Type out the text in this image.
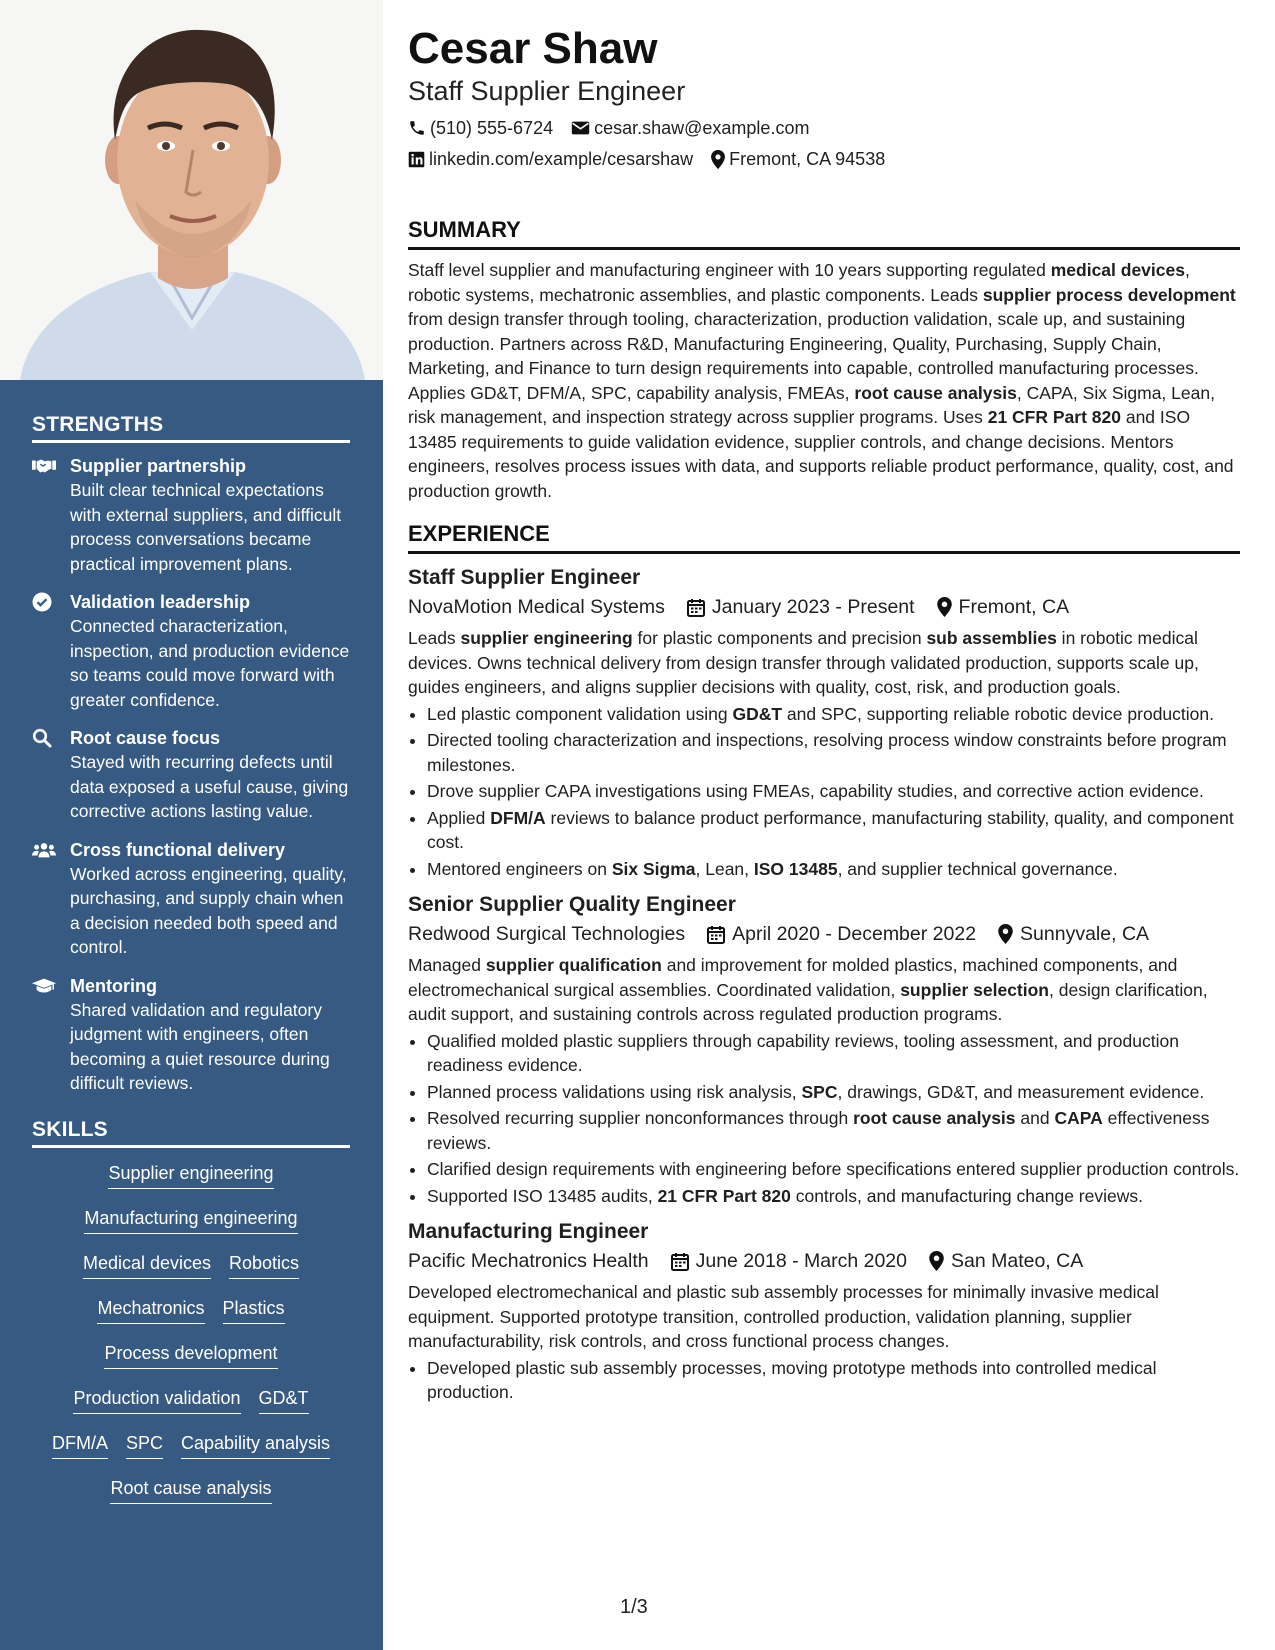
STRENGTHS
Supplier partnership
Built clear technical expectations with external suppliers, and difficult process conversations became practical improvement plans.
Validation leadership
Connected characterization, inspection, and production evidence so teams could move forward with greater confidence.
Root cause focus
Stayed with recurring defects until data exposed a useful cause, giving corrective actions lasting value.
Cross functional delivery
Worked across engineering, quality, purchasing, and supply chain when a decision needed both speed and control.
Mentoring
Shared validation and regulatory judgment with engineers, often becoming a quiet resource during difficult reviews.
SKILLS
Supplier engineering
Manufacturing engineering
Medical devices Robotics
Mechatronics Plastics
Process development
Production validation GD&T
DFM/A SPC Capability analysis
Root cause analysis
Cesar Shaw
Staff Supplier Engineer
(510) 555-6724 cesar.shaw@example.com
linkedin.com/example/cesarshaw Fremont, CA 94538
SUMMARY
Staff level supplier and manufacturing engineer with 10 years supporting regulated medical devices, robotic systems, mechatronic assemblies, and plastic components. Leads supplier process development from design transfer through tooling, characterization, production validation, scale up, and sustaining production. Partners across R&D, Manufacturing Engineering, Quality, Purchasing, Supply Chain, Marketing, and Finance to turn design requirements into capable, controlled manufacturing processes. Applies GD&T, DFM/A, SPC, capability analysis, FMEAs, root cause analysis, CAPA, Six Sigma, Lean, risk management, and inspection strategy across supplier programs. Uses 21 CFR Part 820 and ISO 13485 requirements to guide validation evidence, supplier controls, and change decisions. Mentors engineers, resolves process issues with data, and supports reliable product performance, quality, cost, and production growth.
EXPERIENCE
Staff Supplier Engineer
NovaMotion Medical Systems January 2023 - Present Fremont, CA
Leads supplier engineering for plastic components and precision sub assemblies in robotic medical devices. Owns technical delivery from design transfer through validated production, supports scale up, guides engineers, and aligns supplier decisions with quality, cost, risk, and production goals.
• Led plastic component validation using GD&T and SPC, supporting reliable robotic device production.
• Directed tooling characterization and inspections, resolving process window constraints before program milestones.
• Drove supplier CAPA investigations using FMEAs, capability studies, and corrective action evidence.
• Applied DFM/A reviews to balance product performance, manufacturing stability, quality, and component cost.
• Mentored engineers on Six Sigma, Lean, ISO 13485, and supplier technical governance.
Senior Supplier Quality Engineer
Redwood Surgical Technologies April 2020 - December 2022 Sunnyvale, CA
Managed supplier qualification and improvement for molded plastics, machined components, and electromechanical surgical assemblies. Coordinated validation, supplier selection, design clarification, audit support, and sustaining controls across regulated production programs.
• Qualified molded plastic suppliers through capability reviews, tooling assessment, and production readiness evidence.
• Planned process validations using risk analysis, SPC, drawings, GD&T, and measurement evidence.
• Resolved recurring supplier nonconformances through root cause analysis and CAPA effectiveness reviews.
• Clarified design requirements with engineering before specifications entered supplier production controls.
• Supported ISO 13485 audits, 21 CFR Part 820 controls, and manufacturing change reviews.
Manufacturing Engineer
Pacific Mechatronics Health June 2018 - March 2020 San Mateo, CA
Developed electromechanical and plastic sub assembly processes for minimally invasive medical equipment. Supported prototype transition, controlled production, validation planning, supplier manufacturability, risk controls, and cross functional process changes.
• Developed plastic sub assembly processes, moving prototype methods into controlled medical production.
1/3
